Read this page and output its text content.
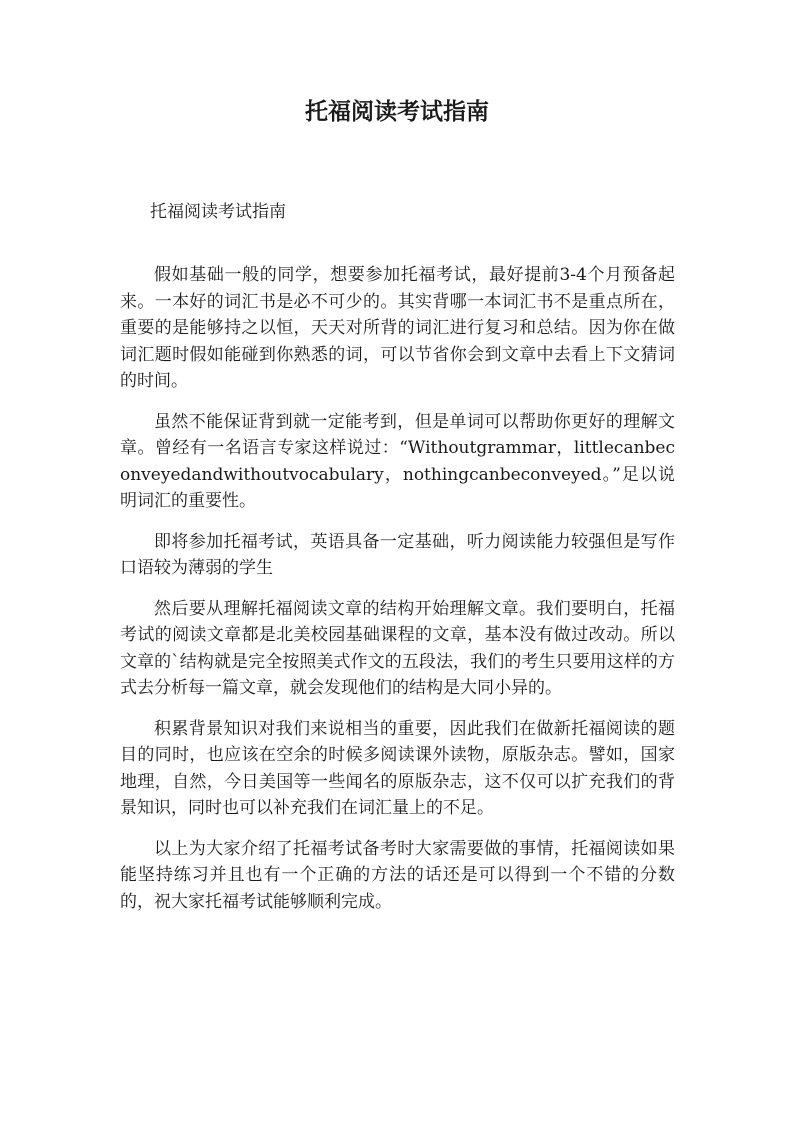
托福阅读考试指南

托福阅读考试指南

假如基础一般的同学，想要参加托福考试，最好提前3-4个月预备起来。一本好的词汇书是必不可少的。其实背哪一本词汇书不是重点所在，重要的是能够持之以恒，天天对所背的词汇进行复习和总结。因为你在做词汇题时假如能碰到你熟悉的词，可以节省你会到文章中去看上下文猜词的时间。

虽然不能保证背到就一定能考到，但是单词可以帮助你更好的理解文章。曾经有一名语言专家这样说过：“Withoutgrammar，littlecanbeconveyedandwithoutvocabulary，nothingcanbeconveyed。”足以说明词汇的重要性。

即将参加托福考试，英语具备一定基础，听力阅读能力较强但是写作口语较为薄弱的学生

然后要从理解托福阅读文章的结构开始理解文章。我们要明白，托福考试的阅读文章都是北美校园基础课程的文章，基本没有做过改动。所以文章的`结构就是完全按照美式作文的五段法，我们的考生只要用这样的方式去分析每一篇文章，就会发现他们的结构是大同小异的。

积累背景知识对我们来说相当的重要，因此我们在做新托福阅读的题目的同时，也应该在空余的时候多阅读课外读物，原版杂志。譬如，国家地理，自然，今日美国等一些闻名的原版杂志，这不仅可以扩充我们的背景知识，同时也可以补充我们在词汇量上的不足。

以上为大家介绍了托福考试备考时大家需要做的事情，托福阅读如果能坚持练习并且也有一个正确的方法的话还是可以得到一个不错的分数的，祝大家托福考试能够顺利完成。
